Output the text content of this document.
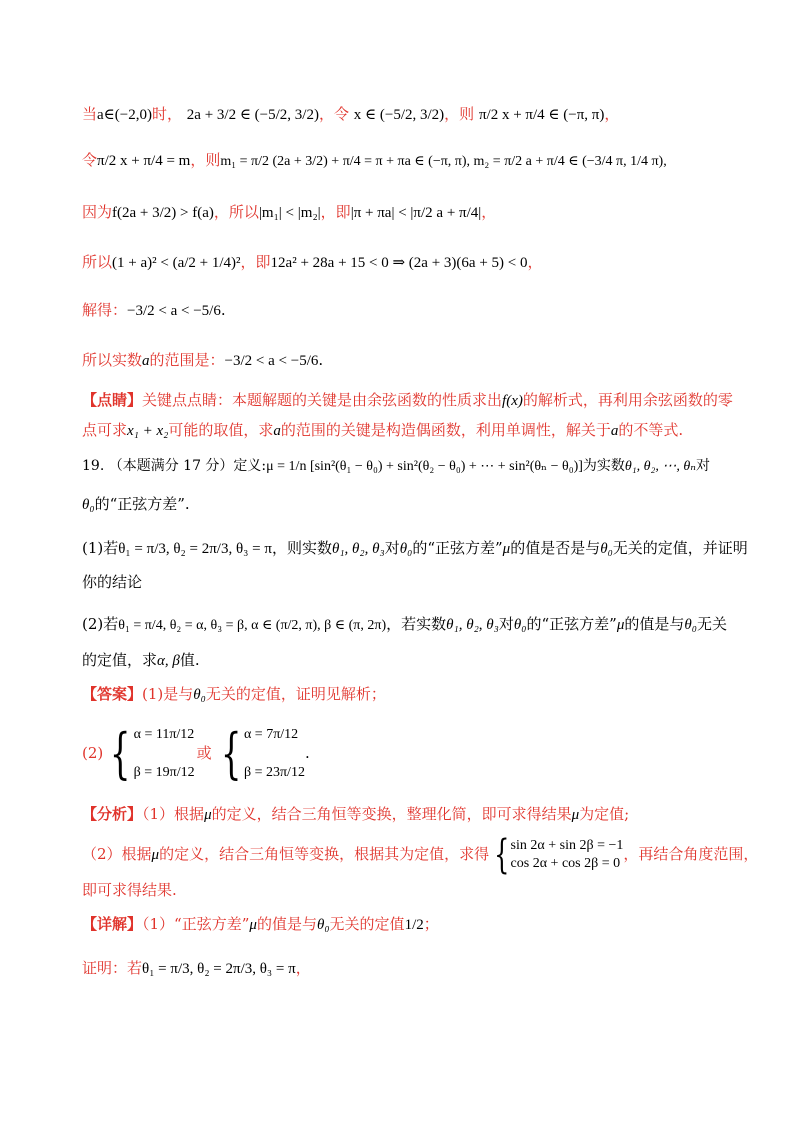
当a∈(−2,0)时， 2a + 3/2 ∈ (−5/2, 3/2)，令 x ∈ (−5/2, 3/2)，则 π/2 x + π/4 ∈ (−π, π)，
令π/2 x + π/4 = m，则m₁ = π/2 (2a + 3/2) + π/4 = π + πa ∈ (−π, π), m₂ = π/2 a + π/4 ∈ (−3/4 π, 1/4 π),
因为f(2a + 3/2) > f(a)，所以|m₁| < |m₂|，即|π + πa| < |π/2 a + π/4|，
所以(1 + a)² < (a/2 + 1/4)²，即12a² + 28a + 15 < 0 ⇒ (2a + 3)(6a + 5) < 0，
解得：−3/2 < a < −5/6.
所以实数a的范围是：−3/2 < a < −5/6.
【点睛】关键点点睛：本题解题的关键是由余弦函数的性质求出f(x)的解析式，再利用余弦函数的零
点可求x₁ + x₂可能的取值，求a的范围的关键是构造偶函数，利用单调性，解关于a的不等式.
19. （本题满分 17 分）定义:μ = 1/n [sin²(θ₁ − θ₀) + sin²(θ₂ − θ₀) + ⋯ + sin²(θₙ − θ₀)]为实数θ₁, θ₂, ⋯, θₙ对
θ₀的“正弦方差”.
(1)若θ₁ = π/3, θ₂ = 2π/3, θ₃ = π，则实数θ₁, θ₂, θ₃对θ₀的“正弦方差”μ的值是否是与θ₀无关的定值，并证明
你的结论
(2)若θ₁ = π/4, θ₂ = α, θ₃ = β, α ∈ (π/2, π), β ∈ (π, 2π)，若实数θ₁, θ₂, θ₃对θ₀的“正弦方差”μ的值是与θ₀无关
的定值，求α, β值.
【答案】(1)是与θ₀无关的定值，证明见解析；
(2) { α = 11π/12
β = 19π/12
或 { α = 7π/12
β = 23π/12
.
【分析】（1）根据μ的定义，结合三角恒等变换，整理化简，即可求得结果μ为定值;
（2）根据μ的定义，结合三角恒等变换，根据其为定值，求得 { sin 2α + sin 2β = −1
cos 2α + cos 2β = 0
，再结合角度范围，
即可求得结果.
【详解】（1）“正弦方差”μ的值是与θ₀无关的定值1/2；
证明：若θ₁ = π/3, θ₂ = 2π/3, θ₃ = π，
